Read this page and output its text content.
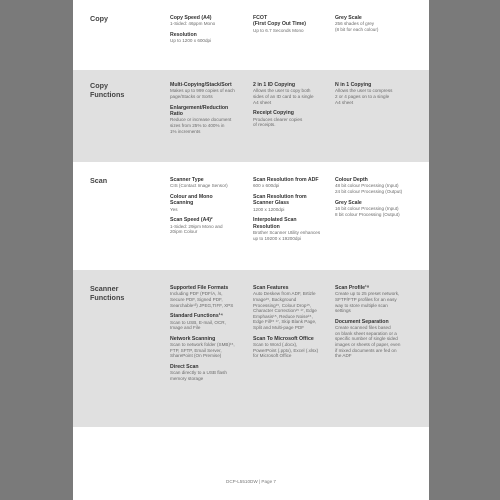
Copy	Copy Speed (A4)
1-Sided: 46ppm Mono
Resolution
Up to 1200 x 600dpi
FCOT
(First Copy Out Time)
Up to 6.7 Seconds Mono
Grey Scale
256 shades of grey
(8 bit for each colour)
Copy
Functions
Multi-Copying/Stack/Sort
Makes up to 999 copies of each
page/Stacks or Sorts
Enlargement/Reduction
Ratio
Reduce or increase document
sizes from 25% to 400% in
1% increments
2 in 1 ID Copying
Allows the user to copy both
sides of an ID card to a single
A4 sheet
Receipt Copying
Produces clearer copies
of receipts.
N in 1 Copying
Allows the user to compress
2 or 4 pages on to a single
A4 sheet
Scan	Scanner Type
CIS (Contact Image Sensor)
Colour and Mono
Scanning
Yes
Scan Speed (A4)²
1-Sided: 29ipm Mono and
20ipm Colour
Scan Resolution from ADF
600 x 600dpi
Scan Resolution from
Scanner Glass
1200 x 1200dpi
Interpolated Scan
Resolution
Brother Scanner Utility enhances
up to 19200 x 19200dpi
Colour Depth
48 bit colour Processing (Input)
24 bit colour Processing (Output)
Grey Scale
16 bit colour Processing (Input)
8 bit colour Processing (Output)
Scanner
Functions
Supported File Formats
Including PDF (PDF/A, /s,
Secure PDF, Signed PDF,
Searchable¹³) JPEG,TIFF, XPS
Standard Functions¹⁴
Scan to USB, E-mail, OCR,
Image and File
Network Scanning
Scan to network folder (SMB)¹⁵,
FTP, SFTP, Email Server,
SharePoint (On Premise)
Direct Scan
Scan directly to a USB flash
memory storage
Scan Features
Auto Deskew from ADF, Brtizle
Image¹⁵, Background
Processing¹⁵, Colour Drop¹⁵,
Character Correction¹⁵ ¹⁷, Edge
Emphasis¹⁵, Reduce Noise¹⁵,
Edge Fill¹⁵ ¹⁷, Skip Blank Page,
Split and Multi-page PDF
Scan To Microsoft Office
Scan to Word (.docx),
PowerPoint (.pptx), Excel (.xlsx)
for Microsoft Office
Scan Profile¹⁸
Create up to 25 preset network,
SFTP/FTP profiles for an easy
way to store multiple scan
settings
Document Separation
Create scanned files based
on blank sheet separation or a
specific number of single sided
images or sheets of paper, even
if mixed documents are fed on
the ADF
DCP-L5510DW | Page 7
